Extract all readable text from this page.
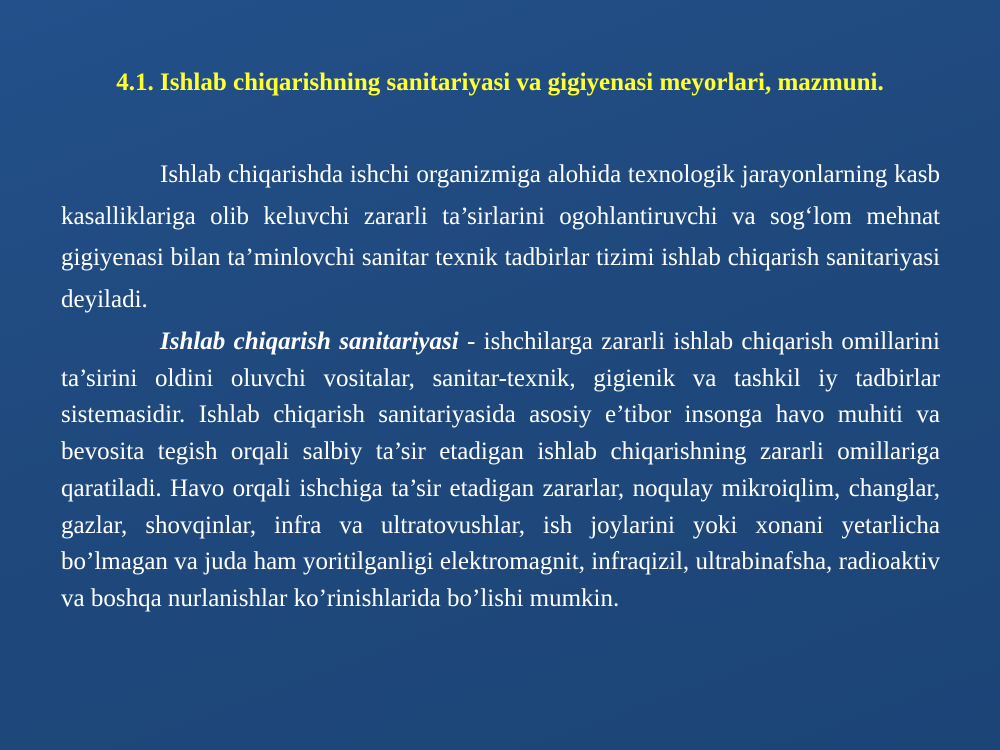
4.1. Ishlab chiqarishning sanitariyasi va gigiyenasi meyorlari, mazmuni.

Ishlab chiqarishda ishchi organizmiga alohida texnologik jarayonlarning kasb kasalliklariga olib keluvchi zararli ta’sirlarini ogohlantiruvchi va sog‘lom mehnat gigiyenasi bilan ta’minlovchi sanitar texnik tadbirlar tizimi ishlab chiqarish sanitariyasi deyiladi.

Ishlab chiqarish sanitariyasi - ishchilarga zararli ishlab chiqarish omillarini ta’sirini oldini oluvchi vositalar, sanitar-texnik, gigienik va tashkil iy tadbirlar sistemasidir. Ishlab chiqarish sanitariyasida asosiy e’tibor insonga havo muhiti va bevosita tegish orqali salbiy ta’sir etadigan ishlab chiqarishning zararli omillariga qaratiladi. Havo orqali ishchiga ta’sir etadigan zararlar, noqulay mikroiqlim, changlar, gazlar, shovqinlar, infra va ultratovushlar, ish joylarini yoki xonani yetarlicha bo’lmagan va juda ham yoritilganligi elektromagnit, infraqizil, ultrabinafsha, radioaktiv va boshqa nurlanishlar ko’rinishlarida bo’lishi mumkin.
